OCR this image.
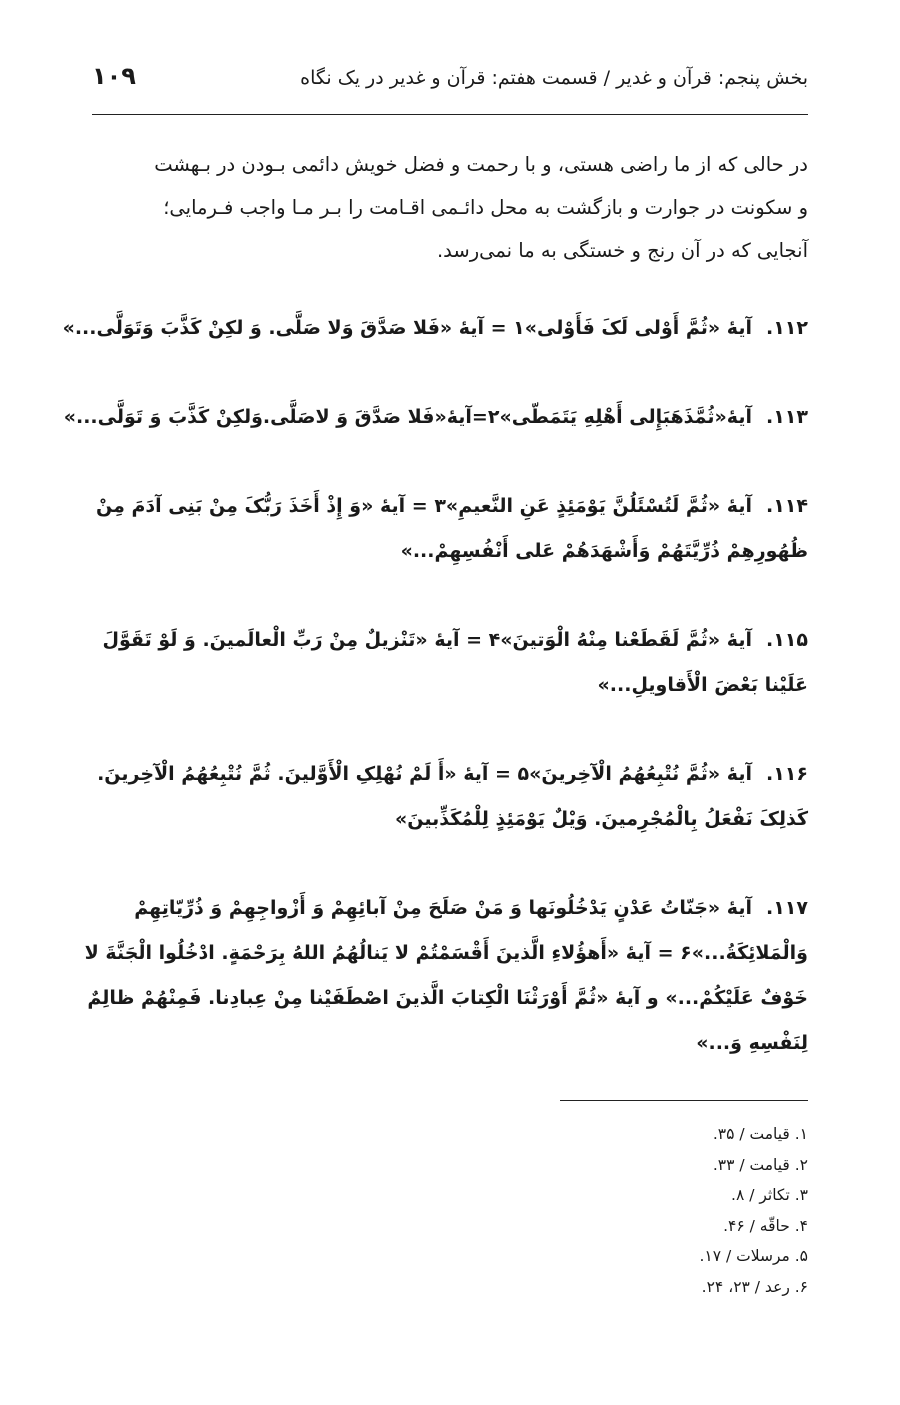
بخش پنجم: قرآن و غدیر / قسمت هفتم: قرآن و غدیر در یک نگاه
۱۰۹
در حالی که از ما راضی هستی، و با رحمت و فضل خویش دائمی بـودن در بـهشت
و سکونت در جوارت و بازگشت به محل دائـمی اقـامت را بـر مـا واجب فـرمایی؛
آنجایی که در آن رنج و خستگی به ما نمی‌رسد.
۱۱۲.آیهٔ «ثُمَّ أَوْلی لَکَ فَأَوْلی»١ = آیهٔ «فَلا صَدَّقَ وَلا صَلَّی. وَ لکِنْ کَذَّبَ وَتَوَلَّی...»
۱۱۳.آیهٔ«ثُمَّذَهَبَإِلی أَهْلِهِ یَتَمَطّی»٢=آیهٔ«فَلا صَدَّقَ وَ لاصَلَّی.وَلکِنْ کَذَّبَ وَ تَوَلَّی...»
۱۱۴.آیهٔ «ثُمَّ لَتُسْئَلُنَّ یَوْمَئِذٍ عَنِ النَّعیمِ»٣ = آیهٔ «وَ إِذْ أَخَذَ رَبُّکَ مِنْ بَنِی آدَمَ مِنْ
ظُهُورِهِمْ ذُرِّیَّتَهُمْ وَأَشْهَدَهُمْ عَلی أَنْفُسِهِمْ...»
۱۱۵.آیهٔ «ثُمَّ لَقَطَعْنا مِنْهُ الْوَتینَ»۴ = آیهٔ «تَنْزیلٌ مِنْ رَبِّ الْعالَمینَ. وَ لَوْ تَقَوَّلَ
عَلَیْنا بَعْضَ الْأَقاویلِ...»
۱۱۶.آیهٔ «ثُمَّ نُتْبِعُهُمُ الْآخِرینَ»۵ = آیهٔ «أَ لَمْ نُهْلِکِ الْأَوَّلینَ. ثُمَّ نُتْبِعُهُمُ الْآخِرینَ.
کَذلِکَ نَفْعَلُ بِالْمُجْرِمینَ. وَیْلٌ یَوْمَئِذٍ لِلْمُکَذِّبینَ»
۱۱۷.آیهٔ «جَنّاتُ عَدْنٍ یَدْخُلُونَها وَ مَنْ صَلَحَ مِنْ آبائِهِمْ وَ أَزْواجِهِمْ وَ ذُرِّیّاتِهِمْ
وَالْمَلائِکَةُ...»۶ = آیهٔ «أَهؤُلاءِ الَّذینَ أَقْسَمْتُمْ لا یَنالُهُمُ اللهُ بِرَحْمَةٍ. ادْخُلُوا الْجَنَّةَ لا
خَوْفٌ عَلَیْکُمْ...» و آیهٔ «ثُمَّ أَوْرَثْنَا الْکِتابَ الَّذینَ اصْطَفَیْنا مِنْ عِبادِنا. فَمِنْهُمْ ظالِمٌ
لِنَفْسِهِ وَ...»
١. قیامت / ٣۵.
٢. قیامت / ٣٣.
٣. تکاثر / ٨.
۴. حاقّه / ۴۶.
۵. مرسلات / ١٧.
۶. رعد / ٢٣، ٢۴.
